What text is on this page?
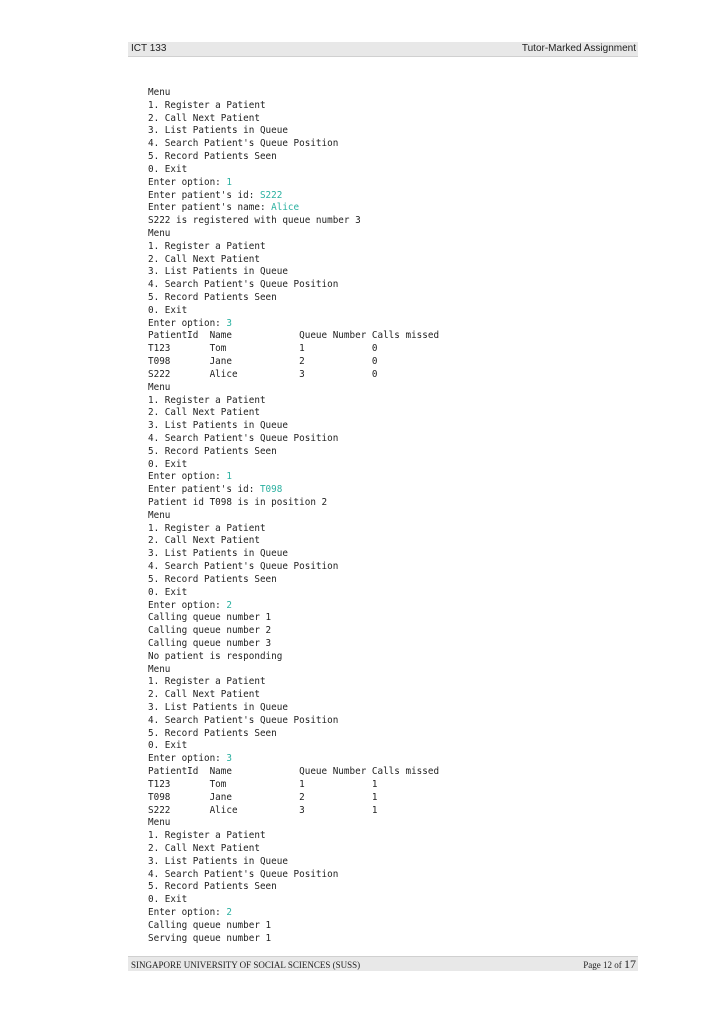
ICT 133	Tutor-Marked Assignment
Menu
1. Register a Patient
2. Call Next Patient
3. List Patients in Queue
4. Search Patient's Queue Position
5. Record Patients Seen
0. Exit
Enter option: 1
Enter patient's id: S222
Enter patient's name: Alice
S222 is registered with queue number 3
Menu
1. Register a Patient
2. Call Next Patient
3. List Patients in Queue
4. Search Patient's Queue Position
5. Record Patients Seen
0. Exit
Enter option: 3
PatientId  Name            Queue Number Calls missed
T123       Tom             1            0
T098       Jane            2            0
S222       Alice           3            0
Menu
1. Register a Patient
2. Call Next Patient
3. List Patients in Queue
4. Search Patient's Queue Position
5. Record Patients Seen
0. Exit
Enter option: 1
Enter patient's id: T098
Patient id T098 is in position 2
Menu
1. Register a Patient
2. Call Next Patient
3. List Patients in Queue
4. Search Patient's Queue Position
5. Record Patients Seen
0. Exit
Enter option: 2
Calling queue number 1
Calling queue number 2
Calling queue number 3
No patient is responding
Menu
1. Register a Patient
2. Call Next Patient
3. List Patients in Queue
4. Search Patient's Queue Position
5. Record Patients Seen
0. Exit
Enter option: 3
PatientId  Name            Queue Number Calls missed
T123       Tom             1            1
T098       Jane            2            1
S222       Alice           3            1
Menu
1. Register a Patient
2. Call Next Patient
3. List Patients in Queue
4. Search Patient's Queue Position
5. Record Patients Seen
0. Exit
Enter option: 2
Calling queue number 1
Serving queue number 1
SINGAPORE UNIVERSITY OF SOCIAL SCIENCES (SUSS)	Page 12 of 17
